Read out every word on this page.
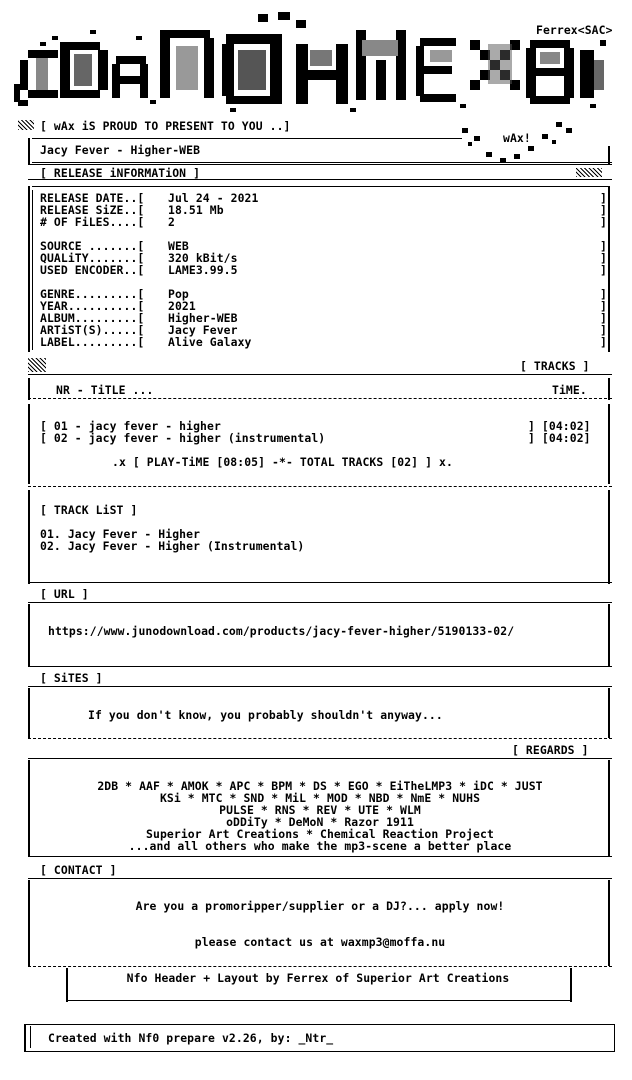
Ferrex<SAC>
[ wAx iS PROUD TO PRESENT TO YOU ..]
wAx!
Jacy Fever - Higher-WEB
[ RELEASE iNFORMATiON ]
RELEASE DATE..[ Jul 24 - 2021	]
RELEASE SiZE..[ 18.51 Mb	]
# OF FiLES....[ 2	]
SOURCE .......[ WEB	]
QUALiTY.......[ 320 kBit/s	]
USED ENCODER..[ LAME3.99.5	]
GENRE.........[ Pop	]
YEAR..........[ 2021	]
ALBUM.........[ Higher-WEB	]
ARTiST(S).....[ Jacy Fever	]
LABEL.........[ Alive Galaxy	]
[ TRACKS ]
NR - TiTLE ...	TiME.
[ 01 - jacy fever - higher	] [04:02]
[ 02 - jacy fever - higher (instrumental)	] [04:02]
.x [ PLAY-TiME [08:05] -*- TOTAL TRACKS [02] ] x.
[ TRACK LiST ]
01. Jacy Fever - Higher
02. Jacy Fever - Higher (Instrumental)
[ URL ]
https://www.junodownload.com/products/jacy-fever-higher/5190133-02/
[ SiTES ]
If you don't know, you probably shouldn't anyway...
[ REGARDS ]
2DB * AAF * AMOK * APC * BPM * DS * EGO * EiTheLMP3 * iDC * JUST
KSi * MTC * SND * MiL * MOD * NBD * NmE * NUHS
PULSE * RNS * REV * UTE * WLM
oDDiTy * DeMoN * Razor 1911
Superior Art Creations * Chemical Reaction Project
...and all others who make the mp3-scene a better place
[ CONTACT ]
Are you a promoripper/supplier or a DJ?... apply now!
please contact us at waxmp3@moffa.nu
Nfo Header + Layout by Ferrex of Superior Art Creations
Created with Nf0 prepare v2.26, by: _Ntr_
